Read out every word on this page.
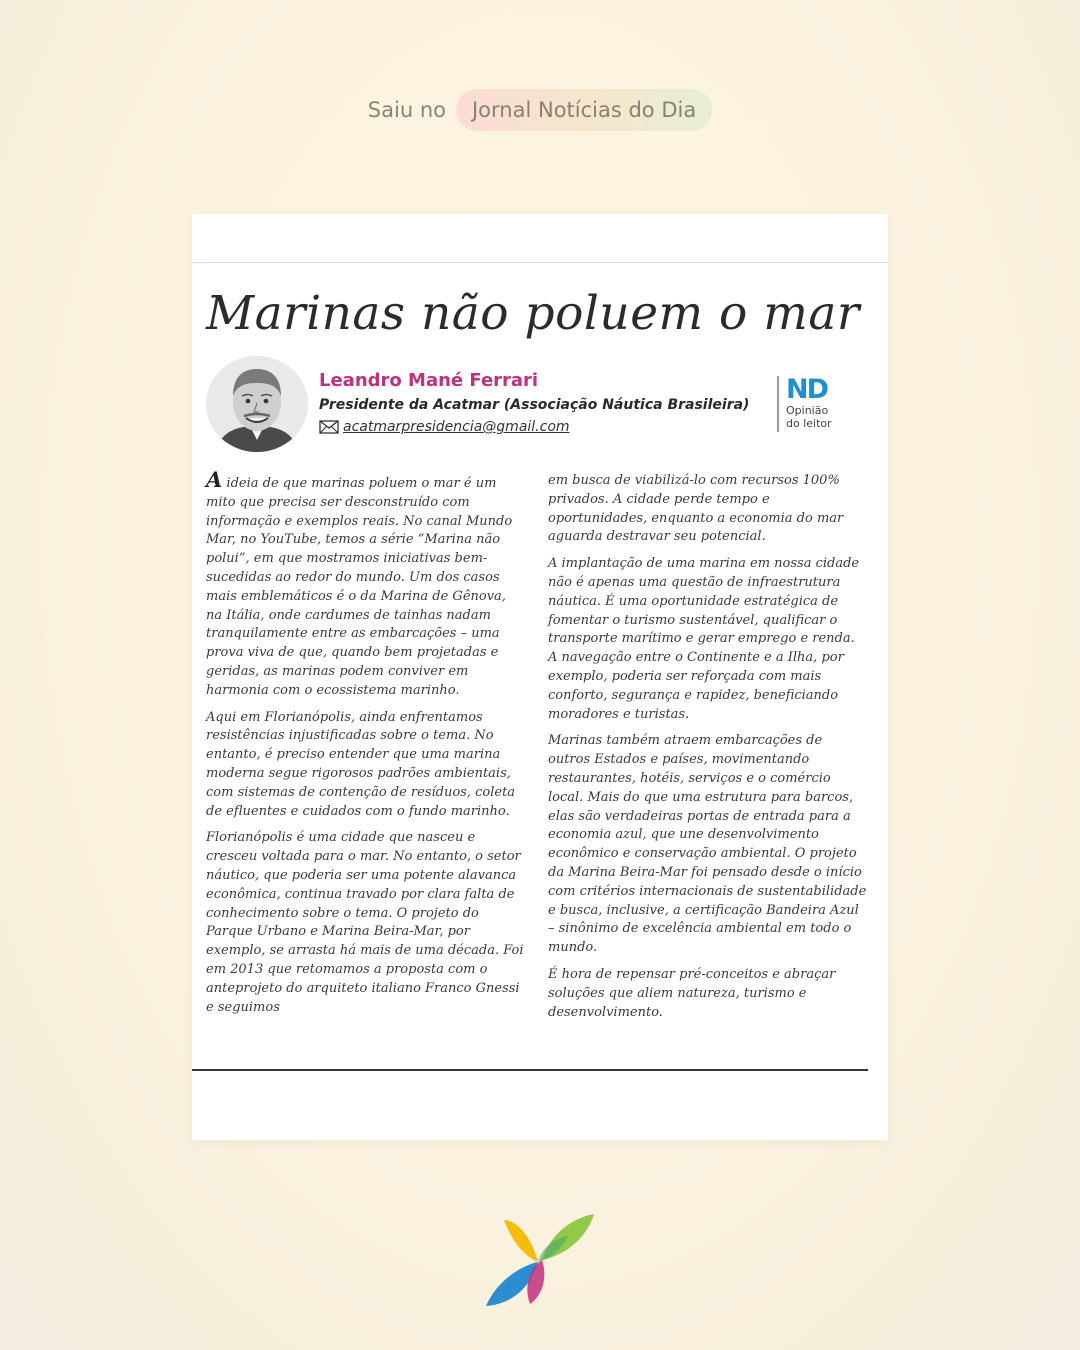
Saiu no	Jornal Notícias do Dia
Marinas não poluem o mar
Leandro Mané Ferrari
Presidente da Acatmar (Associação Náutica Brasileira)
acatmarpresidencia@gmail.com
ND
Opinião
do leitor

A ideia de que marinas poluem o mar é um mito que precisa ser desconstruído com informação e exemplos reais. No canal Mundo Mar, no YouTube, temos a série “Marina não polui”, em que mostramos iniciativas bem-sucedidas ao redor do mundo. Um dos casos mais emblemáticos é o da Marina de Gênova, na Itália, onde cardumes de tainhas nadam tranquilamente entre as embarcações – uma prova viva de que, quando bem projetadas e geridas, as marinas podem conviver em harmonia com o ecossistema marinho.

Aqui em Florianópolis, ainda enfrentamos resistências injustificadas sobre o tema. No entanto, é preciso entender que uma marina moderna segue rigorosos padrões ambientais, com sistemas de contenção de resíduos, coleta de efluentes e cuidados com o fundo marinho.

Florianópolis é uma cidade que nasceu e cresceu voltada para o mar. No entanto, o setor náutico, que poderia ser uma potente alavanca econômica, continua travado por clara falta de conhecimento sobre o tema. O projeto do Parque Urbano e Marina Beira-Mar, por exemplo, se arrasta há mais de uma década. Foi em 2013 que retomamos a proposta com o anteprojeto do arquiteto italiano Franco Gnessi e seguimos

em busca de viabilizá-lo com recursos 100% privados. A cidade perde tempo e oportunidades, enquanto a economia do mar aguarda destravar seu potencial.

A implantação de uma marina em nossa cidade não é apenas uma questão de infraestrutura náutica. É uma oportunidade estratégica de fomentar o turismo sustentável, qualificar o transporte marítimo e gerar emprego e renda. A navegação entre o Continente e a Ilha, por exemplo, poderia ser reforçada com mais conforto, segurança e rapidez, beneficiando moradores e turistas.

Marinas também atraem embarcações de outros Estados e países, movimentando restaurantes, hotéis, serviços e o comércio local. Mais do que uma estrutura para barcos, elas são verdadeiras portas de entrada para a economia azul, que une desenvolvimento econômico e conservação ambiental. O projeto da Marina Beira-Mar foi pensado desde o início com critérios internacionais de sustentabilidade e busca, inclusive, a certificação Bandeira Azul – sinônimo de excelência ambiental em todo o mundo.

É hora de repensar pré-conceitos e abraçar soluções que aliem natureza, turismo e desenvolvimento.
